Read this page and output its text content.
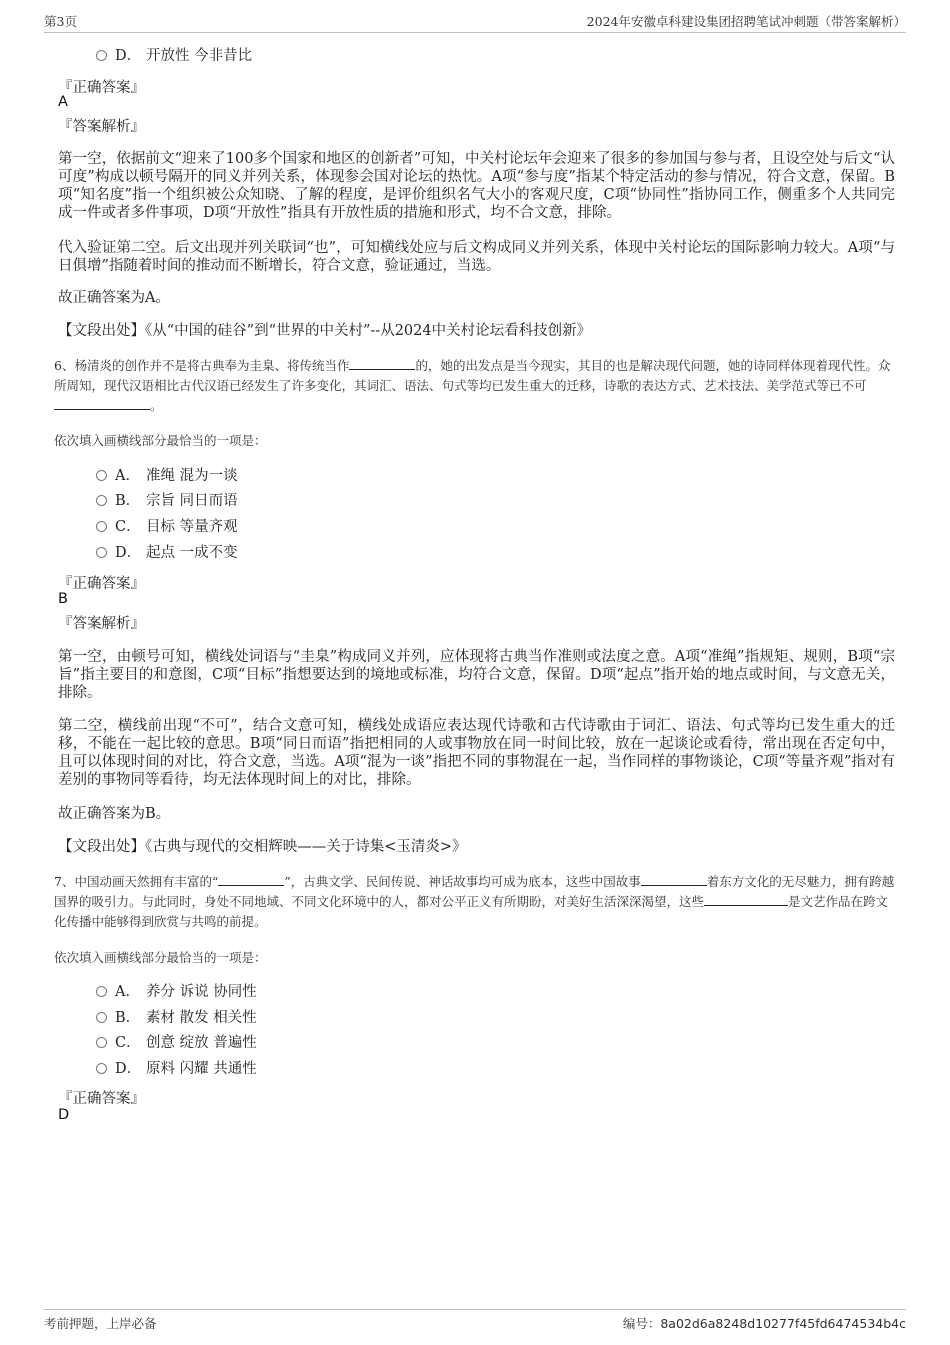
第3页	2024年安徽卓科建设集团招聘笔试冲刺题（带答案解析）
D． 开放性 今非昔比
『正确答案』
A
『答案解析』

第一空，依据前文“迎来了100多个国家和地区的创新者”可知，中关村论坛年会迎来了很多的参加国与参与者，且设空处与后文“认可度”构成以顿号隔开的同义并列关系，体现参会国对论坛的热忱。A项“参与度”指某个特定活动的参与情况，符合文意，保留。B项“知名度”指一个组织被公众知晓、了解的程度，是评价组织名气大小的客观尺度，C项“协同性”指协同工作，侧重多个人共同完成一件或者多件事项，D项“开放性”指具有开放性质的措施和形式，均不合文意，排除。

代入验证第二空。后文出现并列关联词“也”，可知横线处应与后文构成同义并列关系，体现中关村论坛的国际影响力较大。A项“与日俱增”指随着时间的推动而不断增长，符合文意，验证通过，当选。

故正确答案为A。

【文段出处】《从“中国的硅谷”到“世界的中关村”--从2024中关村论坛看科技创新》

6、杨清炎的创作并不是将古典奉为圭臬、将传统当作	的，她的出发点是当今现实，其目的也是解决现代问题，她的诗同样体现着现代性。众所周知，现代汉语相比古代汉语已经发生了许多变化，其词汇、语法、句式等均已发生重大的迁移，诗歌的表达方式、艺术技法、美学范式等已不可。

依次填入画横线部分最恰当的一项是：
A． 准绳 混为一谈
B． 宗旨 同日而语
C． 目标 等量齐观
D． 起点 一成不变
『正确答案』
B
『答案解析』

第一空，由顿号可知，横线处词语与“圭臬”构成同义并列，应体现将古典当作准则或法度之意。A项“准绳”指规矩、规则，B项“宗旨”指主要目的和意图，C项“目标”指想要达到的境地或标准，均符合文意，保留。D项“起点”指开始的地点或时间，与文意无关，排除。

第二空，横线前出现“不可”，结合文意可知，横线处成语应表达现代诗歌和古代诗歌由于词汇、语法、句式等均已发生重大的迁移，不能在一起比较的意思。B项“同日而语”指把相同的人或事物放在同一时间比较，放在一起谈论或看待，常出现在否定句中，且可以体现时间的对比，符合文意，当选。A项“混为一谈”指把不同的事物混在一起，当作同样的事物谈论，C项“等量齐观”指对有差别的事物同等看待，均无法体现时间上的对比，排除。

故正确答案为B。

【文段出处】《古典与现代的交相辉映——关于诗集<玉清炎>》

7、中国动画天然拥有丰富的“	”，古典文学、民间传说、神话故事均可成为底本，这些中国故事	着东方文化的无尽魅力，拥有跨越国界的吸引力。与此同时，身处不同地域、不同文化环境中的人，都对公平正义有所期盼，对美好生活深深渴望，这些	是文艺作品在跨文化传播中能够得到欣赏与共鸣的前提。

依次填入画横线部分最恰当的一项是：
A． 养分 诉说 协同性
B． 素材 散发 相关性
C． 创意 绽放 普遍性
D． 原料 闪耀 共通性
『正确答案』
D
考前押题，上岸必备	编号：8a02d6a8248d10277f45fd6474534b4c
